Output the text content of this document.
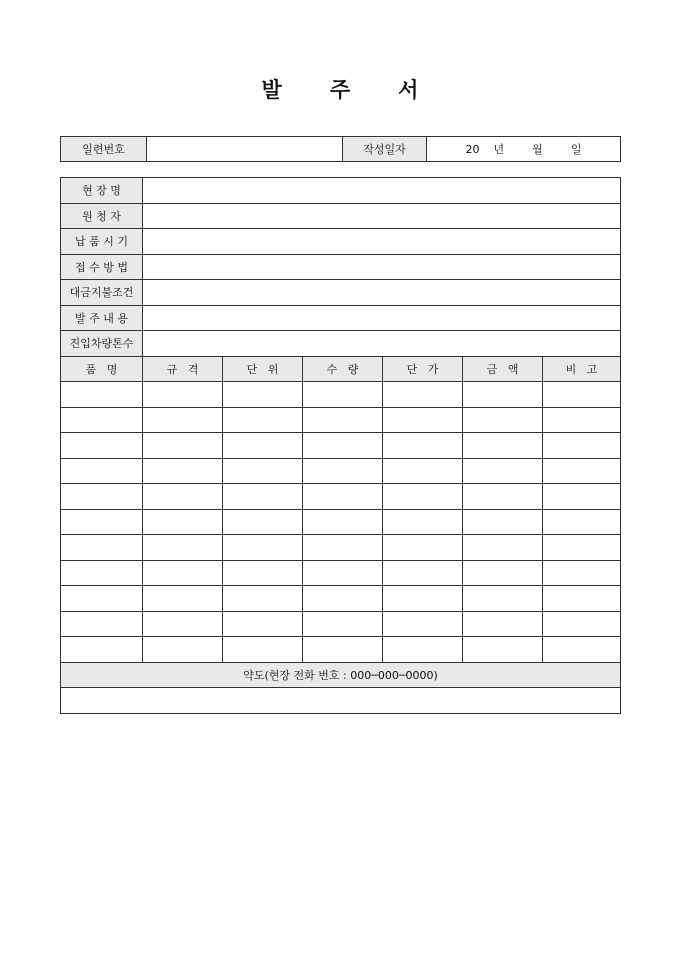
발 주 서
일련번호		작성일자	20 년	월	일
현 장 명						
원 청 자						
납 품 시 기						
접 수 방 법						
대금지불조건						
발 주 내 용						
진입차량톤수						
품   명	규   격	단   위	수   량	단   가	금   액	비   고

약도(현장 전화 번호 : 000─000─0000)						
